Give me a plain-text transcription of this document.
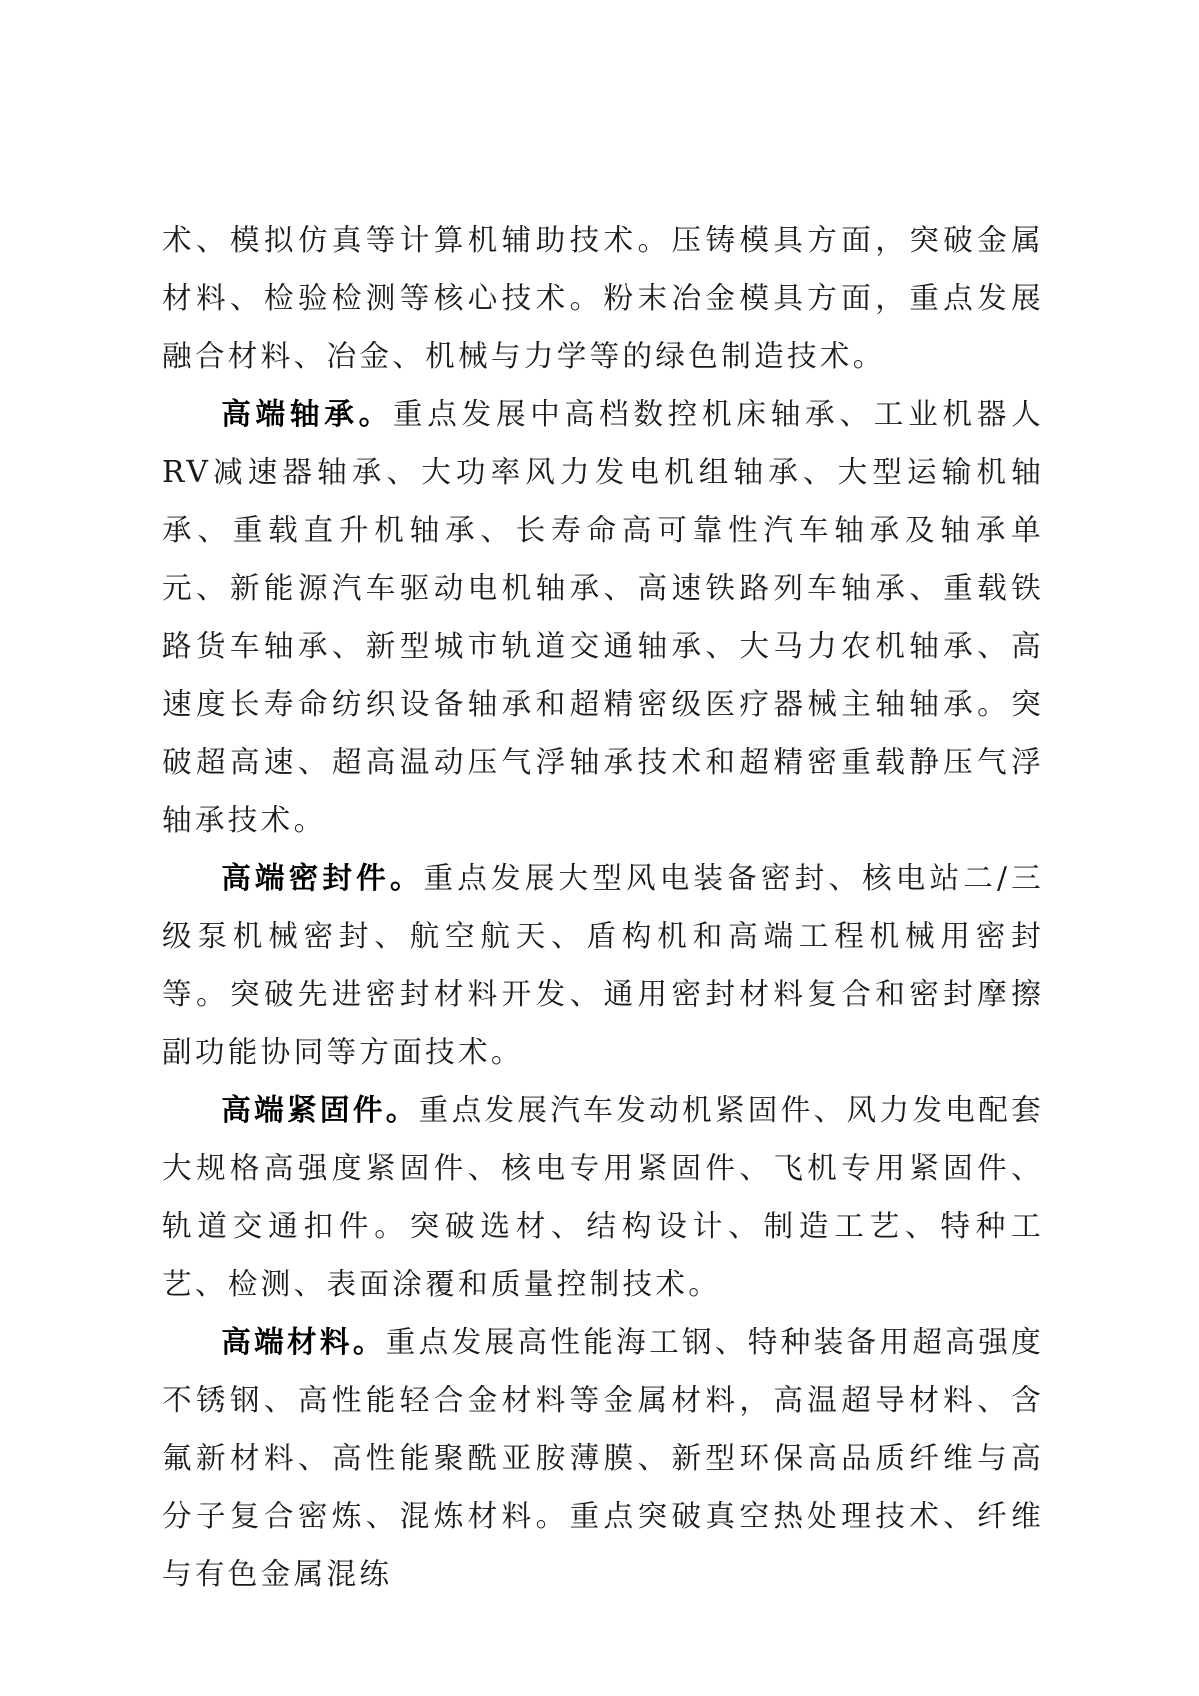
术、模拟仿真等计算机辅助技术。压铸模具方面，突破金属材料、检验检测等核心技术。粉末冶金模具方面，重点发展融合材料、冶金、机械与力学等的绿色制造技术。

高端轴承。重点发展中高档数控机床轴承、工业机器人RV减速器轴承、大功率风力发电机组轴承、大型运输机轴承、重载直升机轴承、长寿命高可靠性汽车轴承及轴承单元、新能源汽车驱动电机轴承、高速铁路列车轴承、重载铁路货车轴承、新型城市轨道交通轴承、大马力农机轴承、高速度长寿命纺织设备轴承和超精密级医疗器械主轴轴承。突破超高速、超高温动压气浮轴承技术和超精密重载静压气浮轴承技术。

高端密封件。重点发展大型风电装备密封、核电站二/三级泵机械密封、航空航天、盾构机和高端工程机械用密封等。突破先进密封材料开发、通用密封材料复合和密封摩擦副功能协同等方面技术。

高端紧固件。重点发展汽车发动机紧固件、风力发电配套大规格高强度紧固件、核电专用紧固件、飞机专用紧固件、轨道交通扣件。突破选材、结构设计、制造工艺、特种工艺、检测、表面涂覆和质量控制技术。

高端材料。重点发展高性能海工钢、特种装备用超高强度不锈钢、高性能轻合金材料等金属材料，高温超导材料、含氟新材料、高性能聚酰亚胺薄膜、新型环保高品质纤维与高分子复合密炼、混炼材料。重点突破真空热处理技术、纤维与有色金属混练
